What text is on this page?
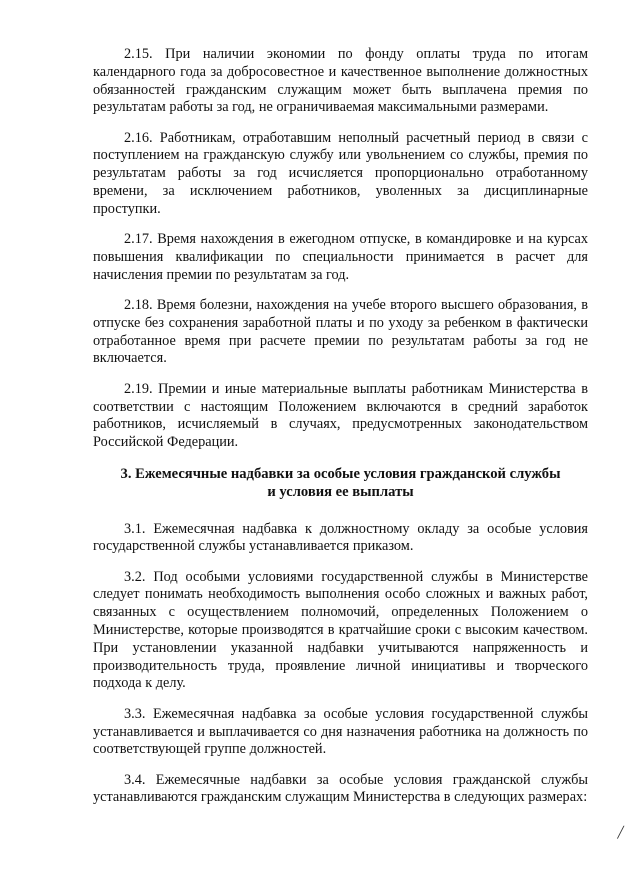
2.15. При наличии экономии по фонду оплаты труда по итогам календарного года за добросовестное и качественное выполнение должностных обязанностей гражданским служащим может быть выплачена премия по результатам работы за год, не ограничиваемая максимальными размерами.

2.16. Работникам, отработавшим неполный расчетный период в связи с поступлением на гражданскую службу или увольнением со службы, премия по результатам работы за год исчисляется пропорционально отработанному времени, за исключением работников, уволенных за дисциплинарные проступки.

2.17. Время нахождения в ежегодном отпуске, в командировке и на курсах повышения квалификации по специальности принимается в расчет для начисления премии по результатам за год.

2.18. Время болезни, нахождения на учебе второго высшего образования, в отпуске без сохранения заработной платы и по уходу за ребенком в фактически отработанное время при расчете премии по результатам работы за год не включается.

2.19. Премии и иные материальные выплаты работникам Министерства в соответствии с настоящим Положением включаются в средний заработок работников, исчисляемый в случаях, предусмотренных законодательством Российской Федерации.

3. Ежемесячные надбавки за особые условия гражданской службы
и условия ее выплаты

3.1. Ежемесячная надбавка к должностному окладу за особые условия государственной службы устанавливается приказом.

3.2. Под особыми условиями государственной службы в Министерстве следует понимать необходимость выполнения особо сложных и важных работ, связанных с осуществлением полномочий, определенных Положением о Министерстве, которые производятся в кратчайшие сроки с высоким качеством. При установлении указанной надбавки учитываются напряженность и производительность труда, проявление личной инициативы и творческого подхода к делу.

3.3. Ежемесячная надбавка за особые условия государственной службы устанавливается и выплачивается со дня назначения работника на должность по соответствующей группе должностей.

3.4. Ежемесячные надбавки за особые условия гражданской службы устанавливаются гражданским служащим Министерства в следующих размерах:

╱
